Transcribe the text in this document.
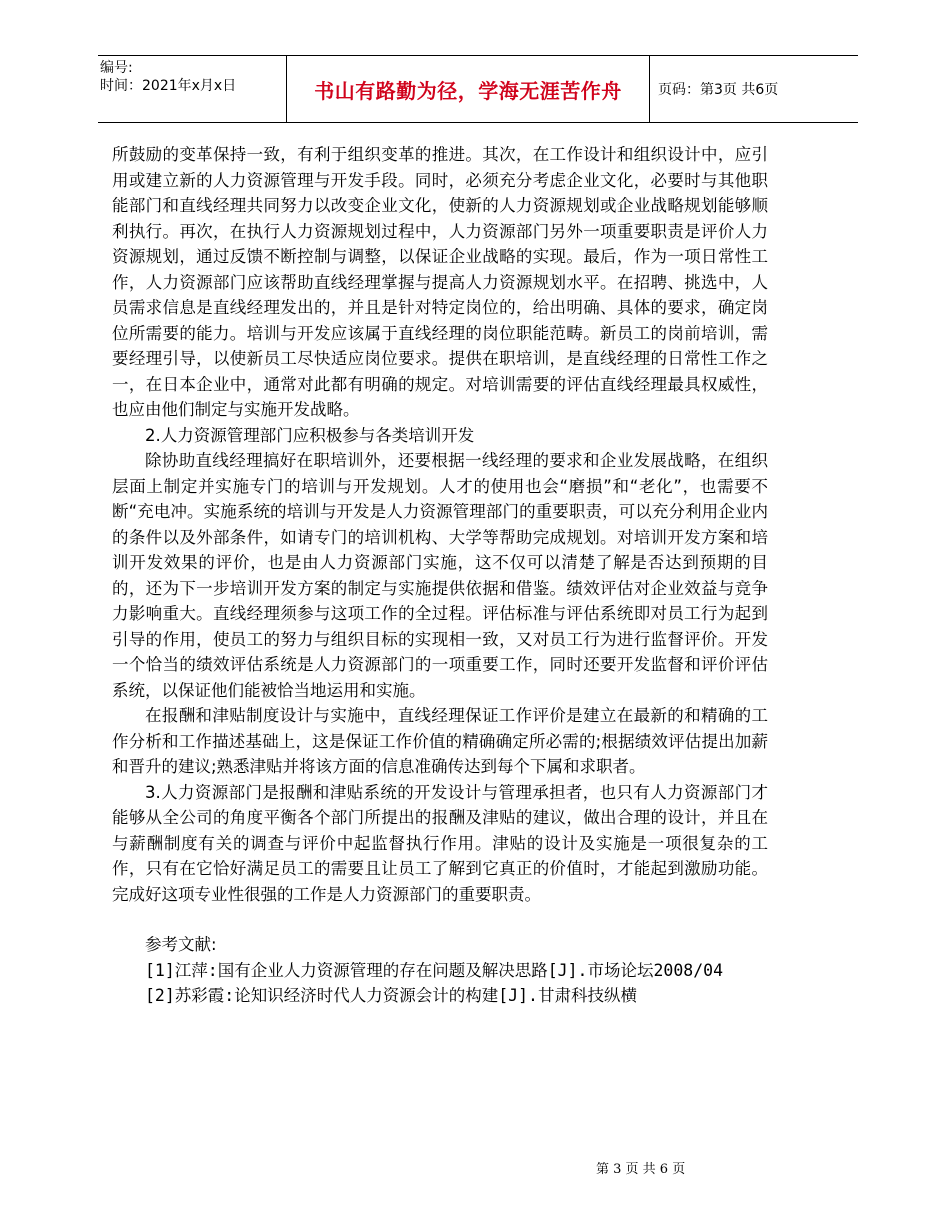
编号:
时间：2021年x月x日	书山有路勤为径，学海无涯苦作舟	页码：第3页 共6页

所鼓励的变革保持一致，有利于组织变革的推进。其次，在工作设计和组织设计中，应引用或建立新的人力资源管理与开发手段。同时，必须充分考虑企业文化，必要时与其他职能部门和直线经理共同努力以改变企业文化，使新的人力资源规划或企业战略规划能够顺利执行。再次，在执行人力资源规划过程中，人力资源部门另外一项重要职责是评价人力资源规划，通过反馈不断控制与调整，以保证企业战略的实现。最后，作为一项日常性工作，人力资源部门应该帮助直线经理掌握与提高人力资源规划水平。在招聘、挑选中，人员需求信息是直线经理发出的，并且是针对特定岗位的，给出明确、具体的要求，确定岗位所需要的能力。培训与开发应该属于直线经理的岗位职能范畴。新员工的岗前培训，需要经理引导，以使新员工尽快适应岗位要求。提供在职培训，是直线经理的日常性工作之一，在日本企业中，通常对此都有明确的规定。对培训需要的评估直线经理最具权威性，也应由他们制定与实施开发战略。

2.人力资源管理部门应积极参与各类培训开发

除协助直线经理搞好在职培训外，还要根据一线经理的要求和企业发展战略，在组织层面上制定并实施专门的培训与开发规划。人才的使用也会“磨损”和“老化”，也需要不断“充电冲。实施系统的培训与开发是人力资源管理部门的重要职责，可以充分利用企业内的条件以及外部条件，如请专门的培训机构、大学等帮助完成规划。对培训开发方案和培训开发效果的评价，也是由人力资源部门实施，这不仅可以清楚了解是否达到预期的目的，还为下一步培训开发方案的制定与实施提供依据和借鉴。绩效评估对企业效益与竞争力影响重大。直线经理须参与这项工作的全过程。评估标准与评估系统即对员工行为起到引导的作用，使员工的努力与组织目标的实现相一致，又对员工行为进行监督评价。开发一个恰当的绩效评估系统是人力资源部门的一项重要工作，同时还要开发监督和评价评估系统，以保证他们能被恰当地运用和实施。

在报酬和津贴制度设计与实施中，直线经理保证工作评价是建立在最新的和精确的工作分析和工作描述基础上，这是保证工作价值的精确确定所必需的;根据绩效评估提出加薪和晋升的建议;熟悉津贴并将该方面的信息准确传达到每个下属和求职者。

3.人力资源部门是报酬和津贴系统的开发设计与管理承担者，也只有人力资源部门才能够从全公司的角度平衡各个部门所提出的报酬及津贴的建议，做出合理的设计，并且在与薪酬制度有关的调查与评价中起监督执行作用。津贴的设计及实施是一项很复杂的工作，只有在它恰好满足员工的需要且让员工了解到它真正的价值时，才能起到激励功能。完成好这项专业性很强的工作是人力资源部门的重要职责。

参考文献:

[1]江萍:国有企业人力资源管理的存在问题及解决思路[J].市场论坛2008/04

[2]苏彩霞:论知识经济时代人力资源会计的构建[J].甘肃科技纵横

第 3 页 共 6 页
